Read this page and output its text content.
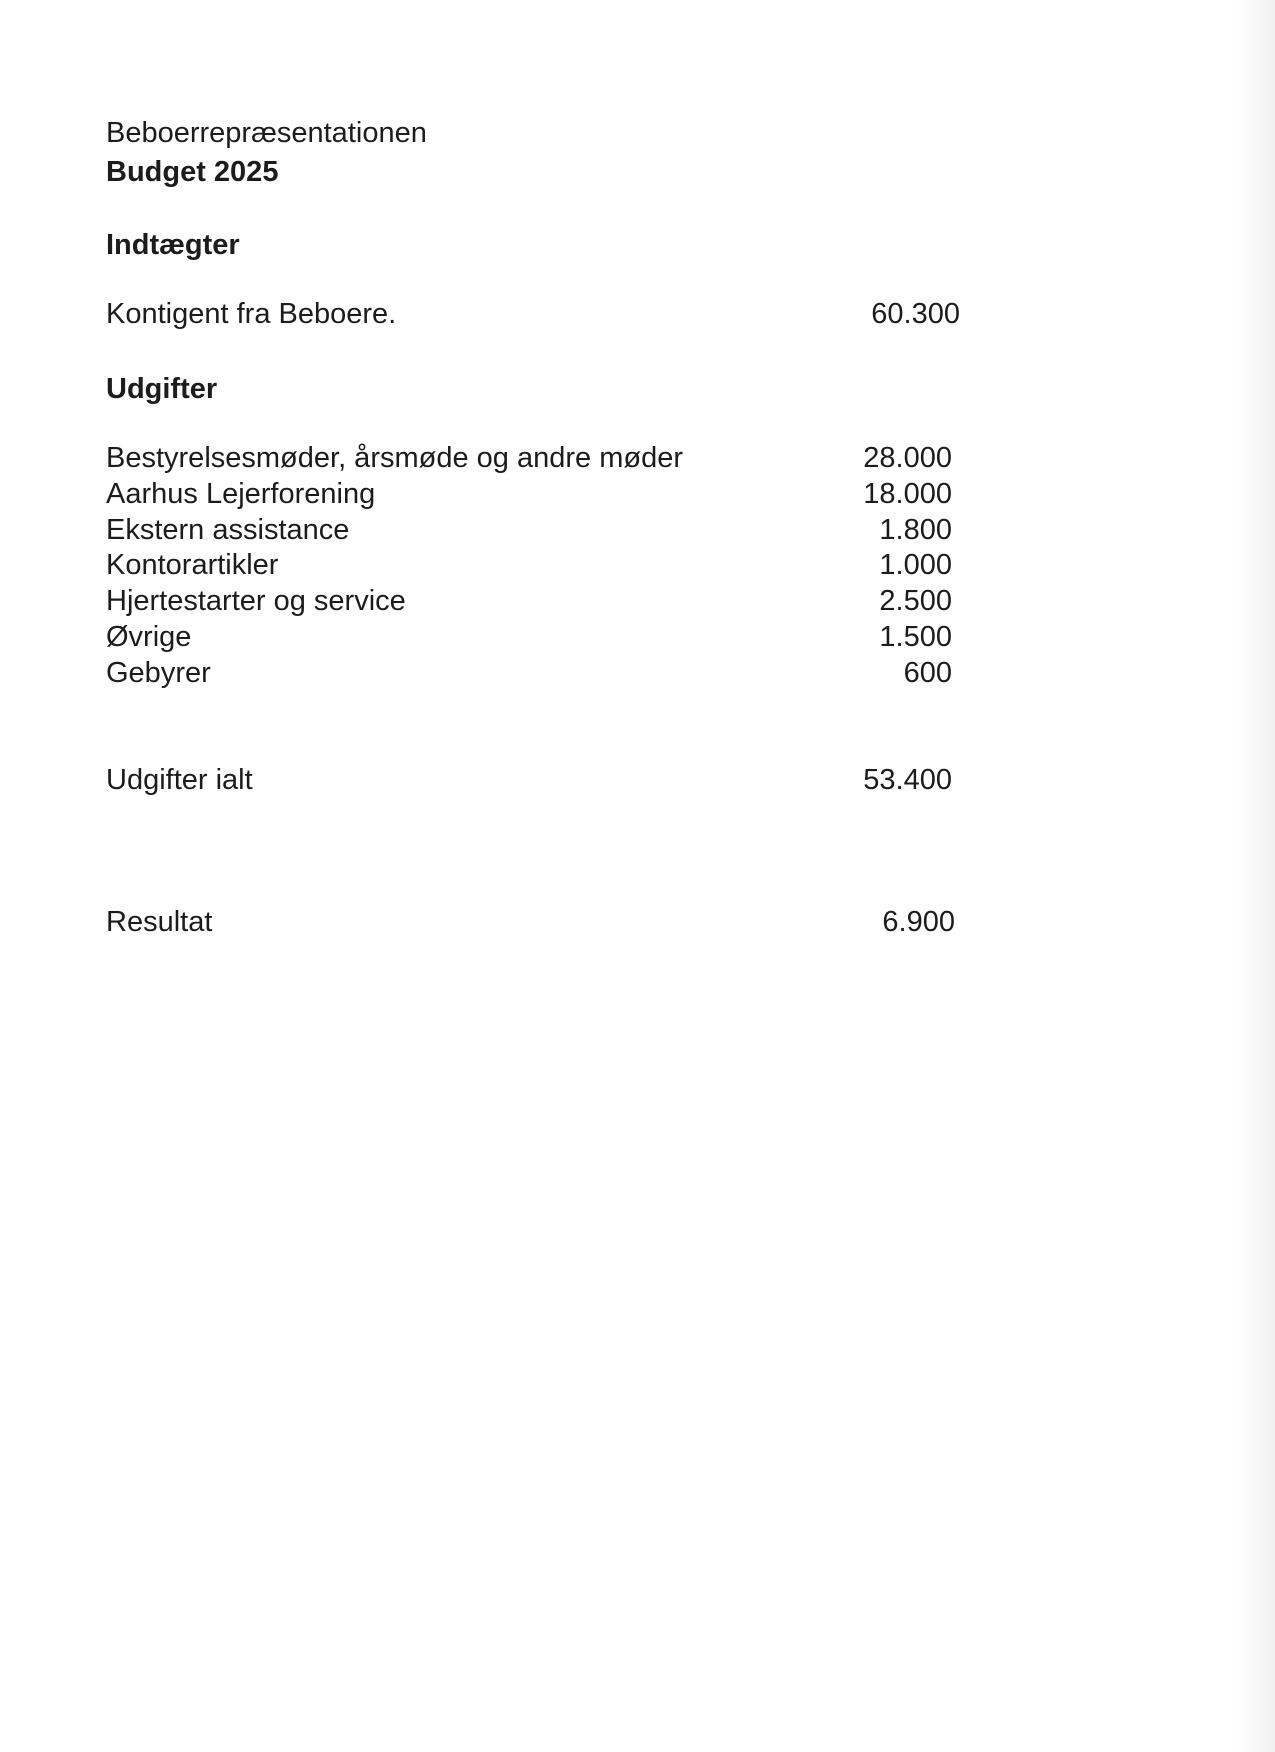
Beboerrepræsentationen
Budget 2025
Indtægter
Kontigent fra Beboere.	60.300
Udgifter
Bestyrelsesmøder, årsmøde og andre møder	28.000
Aarhus Lejerforening	18.000
Ekstern assistance	1.800
Kontorartikler	1.000
Hjertestarter og service	2.500
Øvrige	1.500
Gebyrer	600
Udgifter ialt	53.400
Resultat	6.900
